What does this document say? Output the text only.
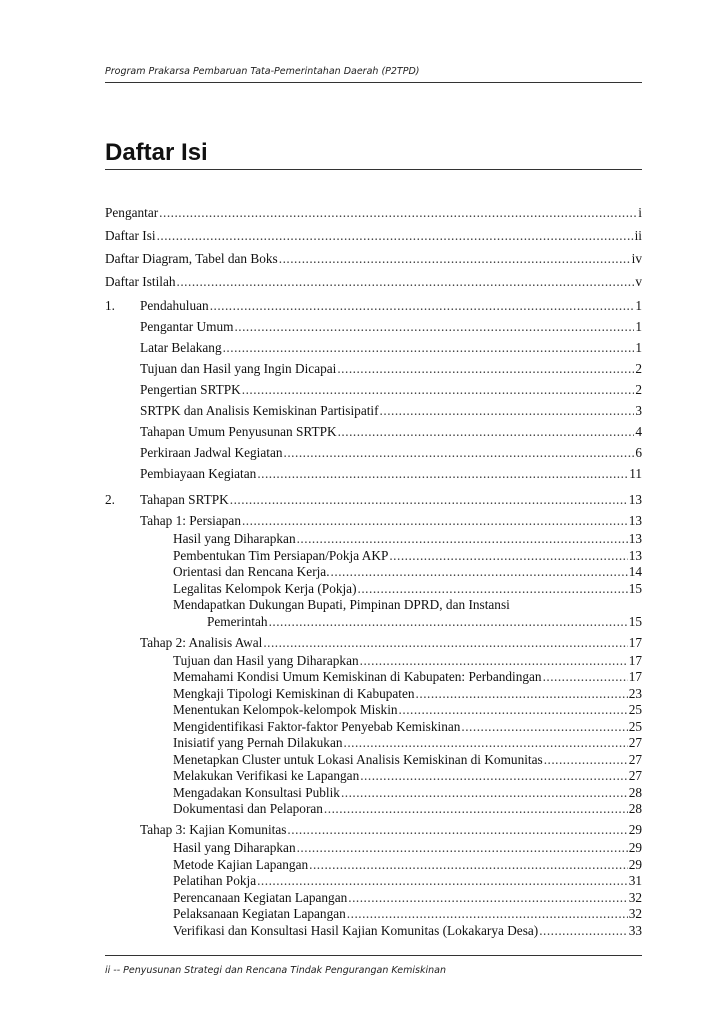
Program Prakarsa Pembaruan Tata-Pemerintahan Daerah (P2TPD)
Daftar Isi
Pengantar .....	i
Daftar Isi .....	ii
Daftar Diagram, Tabel dan Boks .....	iv
Daftar Istilah .....	v
1.	Pendahuluan .....	1
Pengantar Umum .....	1
Latar Belakang .....	1
Tujuan dan Hasil yang Ingin Dicapai .....	2
Pengertian SRTPK .....	2
SRTPK dan Analisis Kemiskinan Partisipatif .....	3
Tahapan Umum Penyusunan SRTPK .....	4
Perkiraan Jadwal Kegiatan .....	6
Pembiayaan Kegiatan .....	11
2.	Tahapan SRTPK .....	13
Tahap 1: Persiapan .....	13
Hasil yang Diharapkan .....	13
Pembentukan Tim Persiapan/Pokja AKP .....	13
Orientasi dan Rencana Kerja. .....	14
Legalitas Kelompok Kerja (Pokja) .....	15
Mendapatkan Dukungan Bupati, Pimpinan DPRD, dan Instansi
Pemerintah .....	15
Tahap 2: Analisis Awal .....	17
Tujuan dan Hasil yang Diharapkan .....	17
Memahami Kondisi Umum Kemiskinan di Kabupaten: Perbandingan .....	17
Mengkaji Tipologi Kemiskinan di Kabupaten .....	23
Menentukan Kelompok-kelompok Miskin .....	25
Mengidentifikasi Faktor-faktor Penyebab Kemiskinan .....	25
Inisiatif yang Pernah Dilakukan .....	27
Menetapkan Cluster untuk Lokasi Analisis Kemiskinan di Komunitas .....	27
Melakukan Verifikasi ke Lapangan .....	27
Mengadakan Konsultasi Publik .....	28
Dokumentasi dan Pelaporan .....	28
Tahap 3: Kajian Komunitas .....	29
Hasil yang Diharapkan .....	29
Metode Kajian Lapangan .....	29
Pelatihan Pokja .....	31
Perencanaan Kegiatan Lapangan .....	32
Pelaksanaan Kegiatan Lapangan .....	32
Verifikasi dan Konsultasi Hasil Kajian Komunitas (Lokakarya Desa) .....	33
ii -- Penyusunan Strategi dan Rencana Tindak Pengurangan Kemiskinan
